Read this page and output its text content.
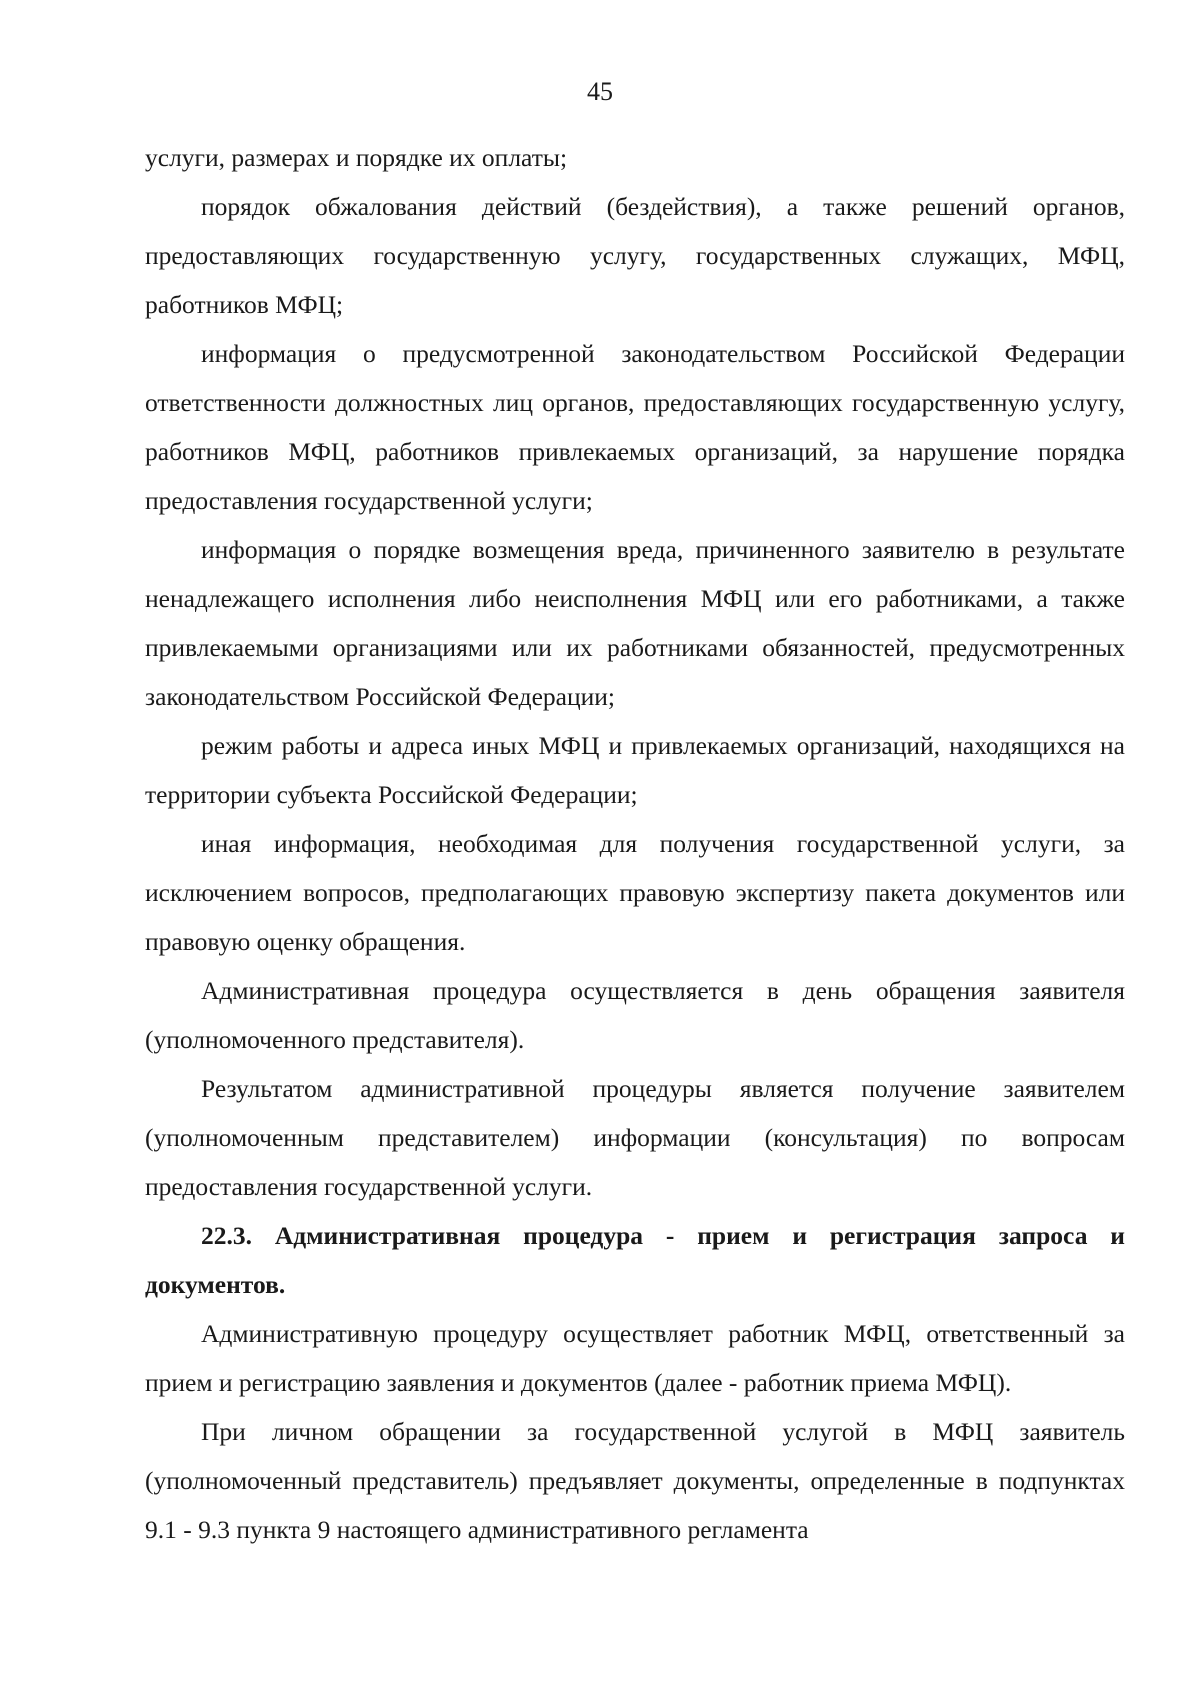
45

услуги, размерах и порядке их оплаты;

порядок обжалования действий (бездействия), а также решений органов, предоставляющих государственную услугу, государственных служащих, МФЦ, работников МФЦ;

информация о предусмотренной законодательством Российской Федерации ответственности должностных лиц органов, предоставляющих государственную услугу, работников МФЦ, работников привлекаемых организаций, за нарушение порядка предоставления государственной услуги;

информация о порядке возмещения вреда, причиненного заявителю в результате ненадлежащего исполнения либо неисполнения МФЦ или его работниками, а также привлекаемыми организациями или их работниками обязанностей, предусмотренных законодательством Российской Федерации;

режим работы и адреса иных МФЦ и привлекаемых организаций, находящихся на территории субъекта Российской Федерации;

иная информация, необходимая для получения государственной услуги, за исключением вопросов, предполагающих правовую экспертизу пакета документов или правовую оценку обращения.

Административная процедура осуществляется в день обращения заявителя (уполномоченного представителя).

Результатом административной процедуры является получение заявителем (уполномоченным представителем) информации (консультация) по вопросам предоставления государственной услуги.

22.3. Административная процедура - прием и регистрация запроса и документов.

Административную процедуру осуществляет работник МФЦ, ответственный за прием и регистрацию заявления и документов (далее - работник приема МФЦ).

При личном обращении за государственной услугой в МФЦ заявитель (уполномоченный представитель) предъявляет документы, определенные в подпунктах 9.1 - 9.3 пункта 9 настоящего административного регламента
